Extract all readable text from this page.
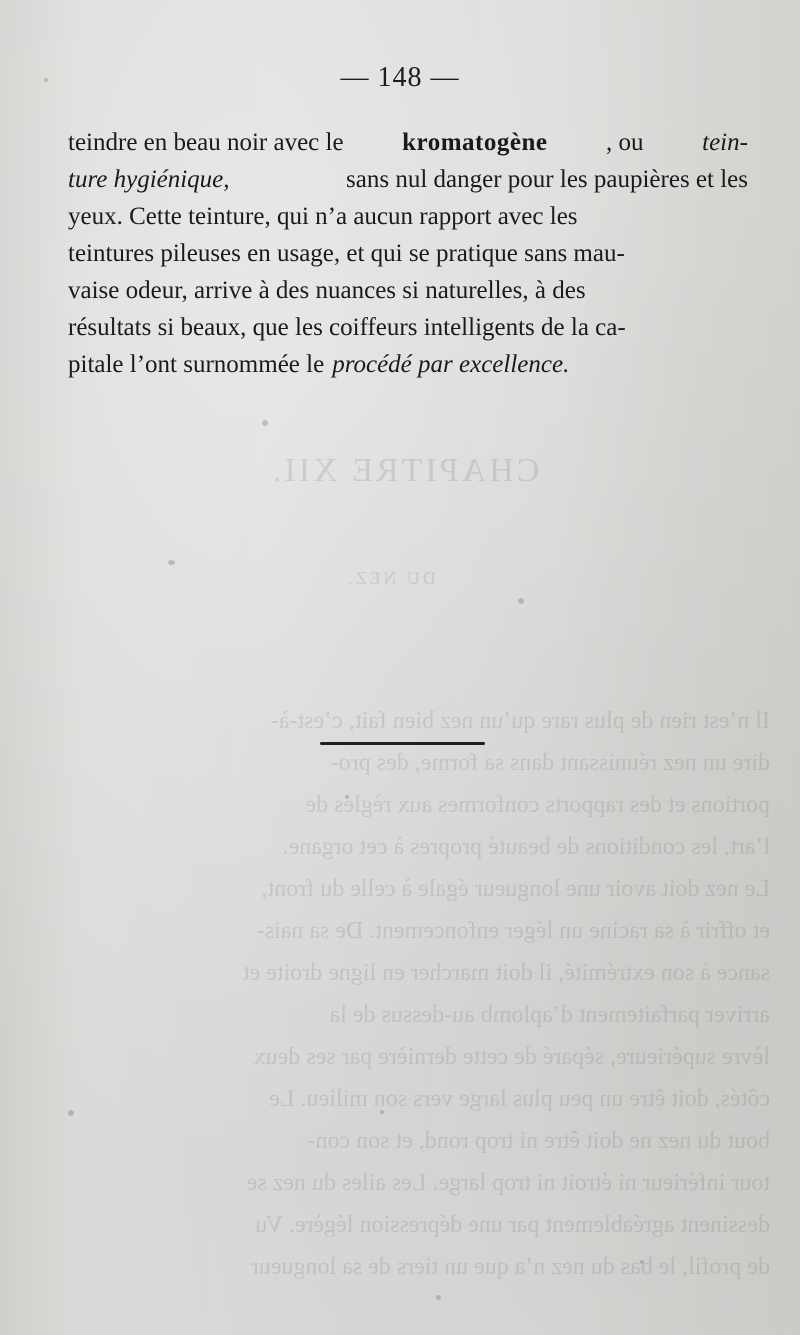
CHAPITRE XII.
DU NEZ.
Il n’est rien de plus rare qu’un nez bien fait, c’est-à-
dire un nez réunissant dans sa forme, des pro-
portions et des rapports conformes aux règles de
l’art, les conditions de beauté propres à cet organe.
Le nez doit avoir une longueur égale à celle du front,
et offrir à sa racine un léger enfoncement. De sa nais-
sance à son extrémité, il doit marcher en ligne droite et
arriver parfaitement d’aplomb au-dessus de la
lèvre supérieure, séparé de cette dernière par ses deux
côtés, doit être un peu plus large vers son milieu. Le
bout du nez ne doit être ni trop rond, et son con-
tour inférieur ni étroit ni trop large. Les ailes du nez se
dessinent agréablement par une dépression légère. Vu
de profil, le bas du nez n’a que un tiers de sa longueur
— 148 —
teindre en beau noir avec le kromatogène , ou tein-
ture hygiénique,	sans nul danger pour les paupières et les
yeux. Cette teinture, qui n’a aucun rapport avec les
teintures pileuses en usage, et qui se pratique sans mau-
vaise odeur, arrive à des nuances si naturelles, à des
résultats si beaux, que les coiffeurs intelligents de la ca-
pitale l’ont surnommée le procédé par excellence.
